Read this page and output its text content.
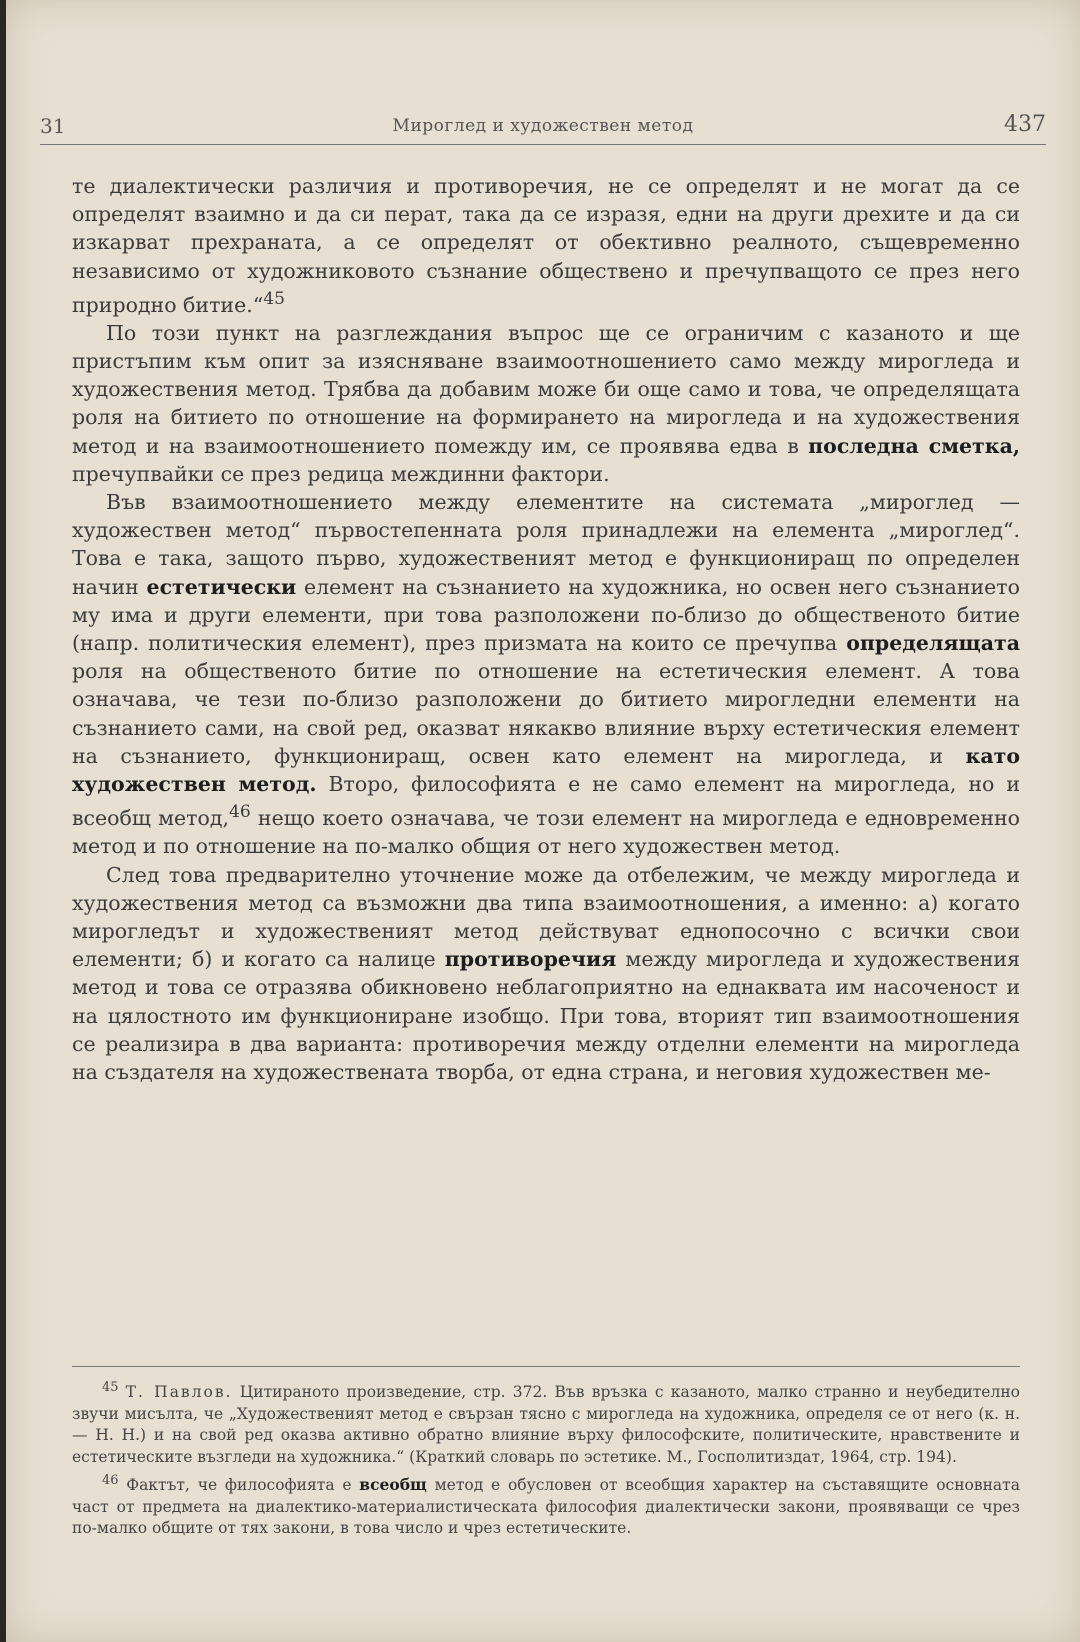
31	Мироглед и художествен метод	437

те диалектически различия и противоречия, не се определят и не могат да се определят взаимно и да си перат, така да се изразя, едни на други дрехите и да си изкарват прехраната, а се определят от обективно реалното, същевременно независимо от художниковото съзнание обществено и пречупващото се през него природно битие.“$^{45}$

По този пункт на разглеждания въпрос ще се ограничим с казаното и ще пристъпим към опит за изясняване взаимоотношението само между мирогледа и художествения метод. Трябва да добавим може би още само и това, че определящата роля на битието по отношение на формирането на мирогледа и на художествения метод и на взаимоотношението помежду им, се проявява едва в последна сметка, пречупвайки се през редица междинни фактори.

Във взаимоотношението между елементите на системата „мироглед — художествен метод“ първостепенната роля принадлежи на елемента „мироглед“. Това е така, защото първо, художественият метод е функциониращ по определен начин естетически елемент на съзнанието на художника, но освен него съзнанието му има и други елементи, при това разположени по-близо до общественото битие (напр. политическия елемент), през призмата на които се пречупва определящата роля на общественото битие по отношение на естетическия елемент. А това означава, че тези по-близо разположени до битието мирогледни елементи на съзнанието сами, на свой ред, оказват някакво влияние върху естетическия елемент на съзнанието, функциониращ, освен като елемент на мирогледа, и като художествен метод. Второ, философията е не само елемент на мирогледа, но и всеобщ метод,$^{46}$ нещо което означава, че този елемент на мирогледа е едновременно метод и по отношение на по-малко общия от него художествен метод.

След това предварително уточнение може да отбележим, че между мирогледа и художествения метод са възможни два типа взаимоотношения, а именно: а) когато мирогледът и художественият метод действуват еднопосочно с всички свои елементи; б) и когато са налице противоречия между мирогледа и художествения метод и това се отразява обикновено неблагоприятно на еднаквата им насоченост и на цялостното им функциониране изобщо. При това, вторият тип взаимоотношения се реализира в два варианта: противоречия между отделни елементи на мирогледа на създателя на художествената творба, от една страна, и неговия художествен ме-

$^{45}$ Т. Павлов. Цитираното произведение, стр. 372. Във връзка с казаното, малко странно и неубедително звучи мисълта, че „Художественият метод е свързан тясно с мирогледа на художника, определя се от него (к. н. — Н. Н.) и на свой ред оказва активно обратно влияние върху философските, политическите, нравствените и естетическите възгледи на художника.“ (Краткий словарь по эстетике. М., Госполитиздат, 1964, стр. 194).

$^{46}$ Фактът, че философията е всеобщ метод е обусловен от всеобщия характер на съставящите основната част от предмета на диалектико-материалистическата философия диалектически закони, проявяващи се чрез по-малко общите от тях закони, в това число и чрез естетическите.
